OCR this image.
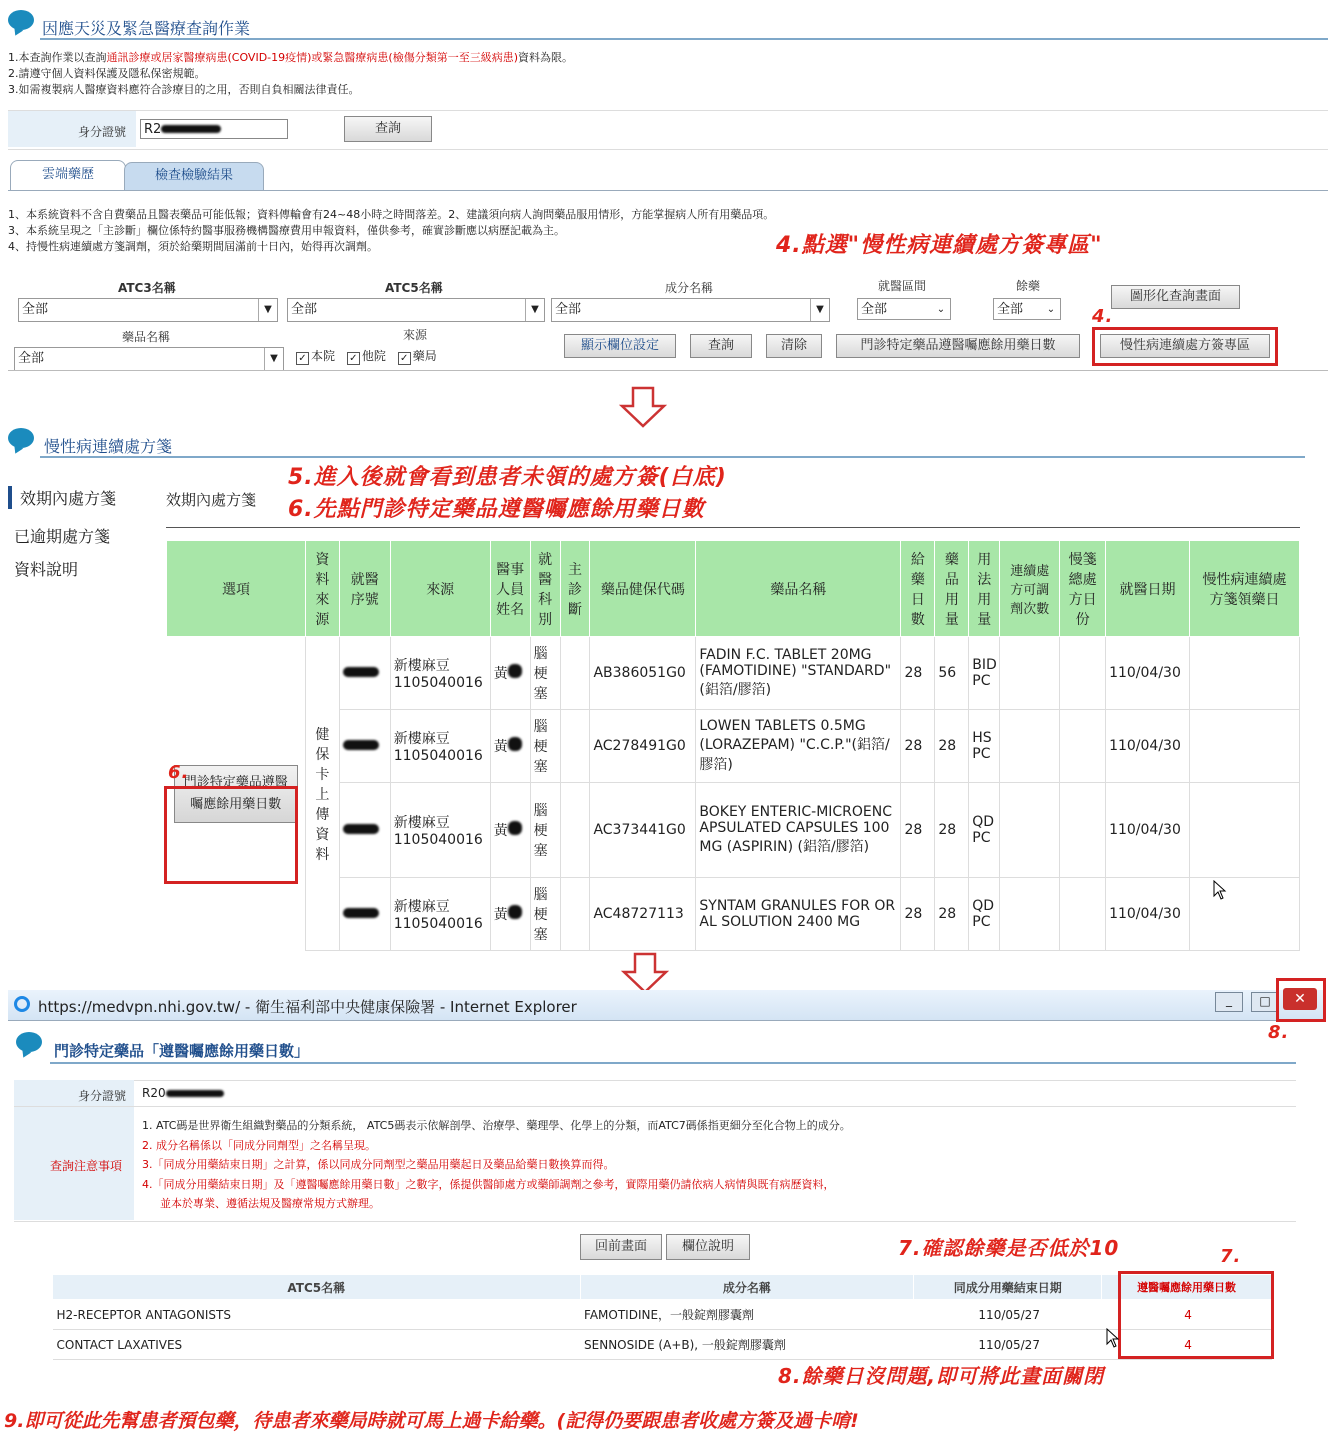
因應天災及緊急醫療查詢作業
1.本查詢作業以查詢通訊診療或居家醫療病患(COVID-19疫情)或緊急醫療病患(檢傷分類第一至三級病患)資料為限。
2.請遵守個人資料保護及隱私保密規範。
3.如需複製病人醫療資料應符合診療目的之用，否則自負相關法律責任。
身分證號	R2	查詢
雲端藥歷	檢查檢驗結果
1、本系統資料不含自費藥品且醫表藥品可能低報；資料傳輸會有24~48小時之時間落差。2、建議須向病人詢問藥品服用情形，方能掌握病人所有用藥品項。
3、本系統呈現之「主診斷」欄位係特約醫事服務機構醫療費用申報資料，僅供參考，確實診斷應以病歷記載為主。
4、持慢性病連續處方箋調劑，須於給藥期間屆滿前十日內，始得再次調劑。
ATC3名稱
全部	▼
ATC5名稱
全部	▼
成分名稱
全部	▼
就醫區間
全部	⌄
餘藥
全部	⌄
圖形化查詢畫面
藥品名稱
全部	▼
來源
✓ 本院 ✓ 他院 ✓ 藥局
顯示欄位設定	查詢	清除	門診特定藥品遵醫囑應餘用藥日數	慢性病連續處方簽專區
4.點選"慢性病連續處方簽專區"
4.
慢性病連續處方箋
效期內處方箋
已逾期處方箋
資料說明
效期內處方箋
選項	資料來源	就醫序號	來源	醫事人員姓名	就醫科別	主診斷	藥品健保代碼	藥品名稱	給藥日數	藥品用量	用法用量	連續處方可調劑次數	慢箋總處方日份	就醫日期	慢性病連續處方箋領藥日

門診特定藥品遵醫囑應餘用藥日數	健保卡上傳資料		新樓麻豆 1105040016	黃	腦梗塞		AB386051G0	FADIN F.C. TABLET 20MG (FAMOTIDINE) "STANDARD"(鋁箔/膠箔)	28	56	BID PC			110/04/30	
			新樓麻豆 1105040016	黃	腦梗塞		AC278491G0	LOWEN TABLETS 0.5MG (LORAZEPAM) "C.C.P."(鋁箔/膠箔)	28	28	HS PC			110/04/30	
			新樓麻豆 1105040016	黃	腦梗塞		AC373441G0	BOKEY ENTERIC-MICROENCAPSULATED CAPSULES 100MG (ASPIRIN) (鋁箔/膠箔)	28	28	QD PC			110/04/30	
			新樓麻豆 1105040016	黃	腦梗塞		AC48727113	SYNTAM GRANULES FOR ORAL SOLUTION 2400 MG	28	28	QD PC			110/04/30	
5.進入後就會看到患者未領的處方簽(白底)
6.先點門診特定藥品遵醫囑應餘用藥日數
6.
https://medvpn.nhi.gov.tw/ - 衛生福利部中央健康保險署 - Internet Explorer	_	□	✕
8.
門診特定藥品「遵醫囑應餘用藥日數」
身分證號 R20
查詢注意事項
1. ATC碼是世界衛生組織對藥品的分類系統， ATC5碼表示依解剖學、治療學、藥理學、化學上的分類，而ATC7碼係指更細分至化合物上的成分。
2. 成分名稱係以「同成分同劑型」之名稱呈現。
3.「同成分用藥結束日期」之計算，係以同成分同劑型之藥品用藥起日及藥品給藥日數換算而得。
4.「同成分用藥結束日期」及「遵醫囑應餘用藥日數」之數字，係提供醫師處方或藥師調劑之參考，實際用藥仍請依病人病情與既有病歷資料，
並本於專業、遵循法規及醫療常規方式辦理。
回前畫面	欄位說明
ATC5名稱	成分名稱	同成分用藥結束日期	遵醫囑應餘用藥日數
H2-RECEPTOR ANTAGONISTS	FAMOTIDINE，一般錠劑膠囊劑	110/05/27	4
CONTACT LAXATIVES	SENNOSIDE (A+B), 一般錠劑膠囊劑	110/05/27	4
7.確認餘藥是否低於10	7.
8.餘藥日沒問題,即可將此畫面關閉
9.即可從此先幫患者預包藥，待患者來藥局時就可馬上過卡給藥。(記得仍要跟患者收處方簽及過卡唷!
